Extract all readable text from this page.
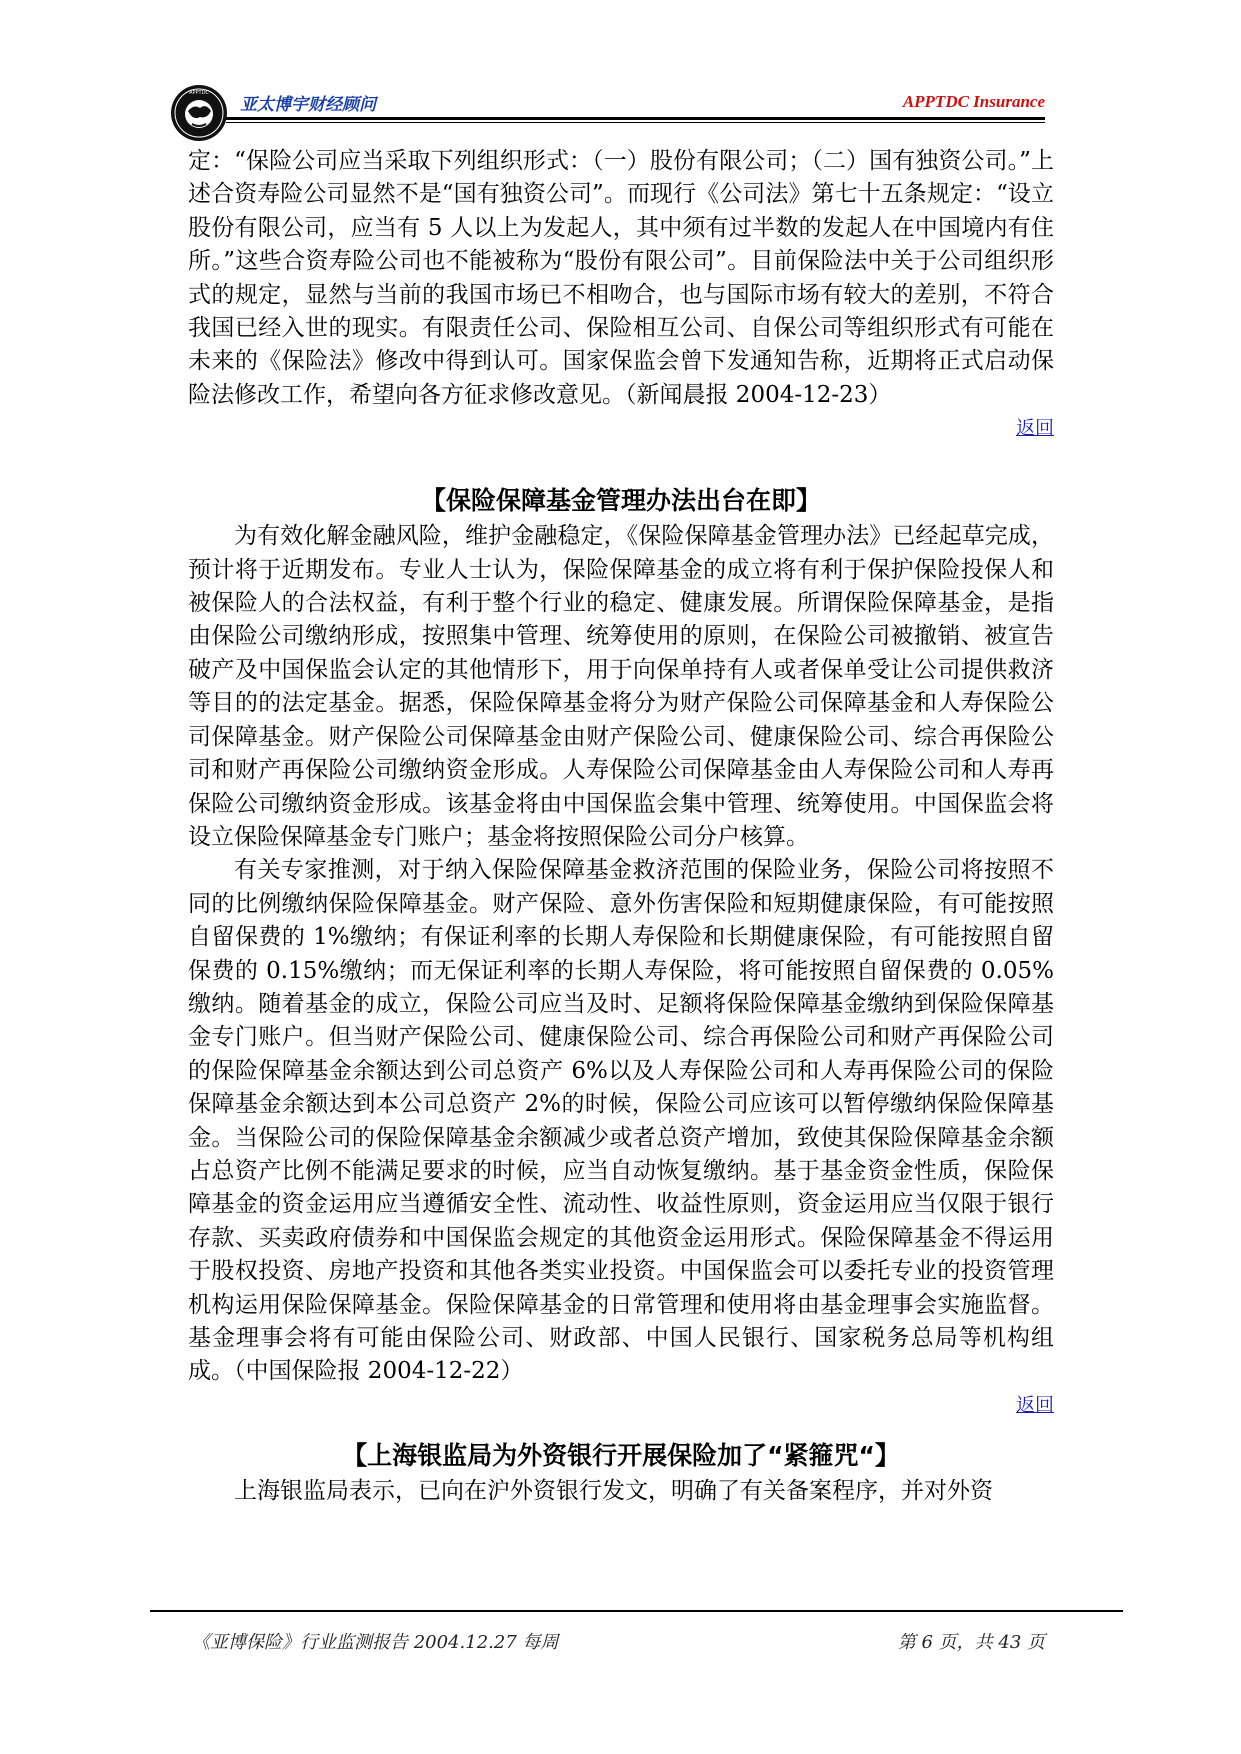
APPTDC
亚太博宇财经顾问	APPTDC Insurance

定：“保险公司应当采取下列组织形式：（一）股份有限公司；（二）国有独资公司。”上述合资寿险公司显然不是“国有独资公司”。而现行《公司法》第七十五条规定：“设立股份有限公司，应当有 5 人以上为发起人，其中须有过半数的发起人在中国境内有住所。”这些合资寿险公司也不能被称为“股份有限公司”。目前保险法中关于公司组织形式的规定，显然与当前的我国市场已不相吻合，也与国际市场有较大的差别，不符合我国已经入世的现实。有限责任公司、保险相互公司、自保公司等组织形式有可能在未来的《保险法》修改中得到认可。国家保监会曾下发通知告称，近期将正式启动保险法修改工作，希望向各方征求修改意见。（新闻晨报 2004-12-23）

返回

【保险保障基金管理办法出台在即】

为有效化解金融风险，维护金融稳定，《保险保障基金管理办法》已经起草完成，预计将于近期发布。专业人士认为，保险保障基金的成立将有利于保护保险投保人和被保险人的合法权益，有利于整个行业的稳定、健康发展。所谓保险保障基金，是指由保险公司缴纳形成，按照集中管理、统筹使用的原则，在保险公司被撤销、被宣告破产及中国保监会认定的其他情形下，用于向保单持有人或者保单受让公司提供救济等目的的法定基金。据悉，保险保障基金将分为财产保险公司保障基金和人寿保险公司保障基金。财产保险公司保障基金由财产保险公司、健康保险公司、综合再保险公司和财产再保险公司缴纳资金形成。人寿保险公司保障基金由人寿保险公司和人寿再保险公司缴纳资金形成。该基金将由中国保监会集中管理、统筹使用。中国保监会将设立保险保障基金专门账户；基金将按照保险公司分户核算。

有关专家推测，对于纳入保险保障基金救济范围的保险业务，保险公司将按照不同的比例缴纳保险保障基金。财产保险、意外伤害保险和短期健康保险，有可能按照自留保费的 1%缴纳；有保证利率的长期人寿保险和长期健康保险，有可能按照自留保费的 0.15%缴纳；而无保证利率的长期人寿保险，将可能按照自留保费的 0.05%缴纳。随着基金的成立，保险公司应当及时、足额将保险保障基金缴纳到保险保障基金专门账户。但当财产保险公司、健康保险公司、综合再保险公司和财产再保险公司的保险保障基金余额达到公司总资产 6%以及人寿保险公司和人寿再保险公司的保险保障基金余额达到本公司总资产 2%的时候，保险公司应该可以暂停缴纳保险保障基金。当保险公司的保险保障基金余额减少或者总资产增加，致使其保险保障基金余额占总资产比例不能满足要求的时候，应当自动恢复缴纳。基于基金资金性质，保险保障基金的资金运用应当遵循安全性、流动性、收益性原则，资金运用应当仅限于银行存款、买卖政府债券和中国保监会规定的其他资金运用形式。保险保障基金不得运用于股权投资、房地产投资和其他各类实业投资。中国保监会可以委托专业的投资管理机构运用保险保障基金。保险保障基金的日常管理和使用将由基金理事会实施监督。基金理事会将有可能由保险公司、财政部、中国人民银行、国家税务总局等机构组成。（中国保险报 2004-12-22）

返回

【上海银监局为外资银行开展保险加了“紧箍咒“】

上海银监局表示，已向在沪外资银行发文，明确了有关备案程序，并对外资

《亚博保险》行业监测报告 2004.12.27 每周	第 6 页，共 43 页
